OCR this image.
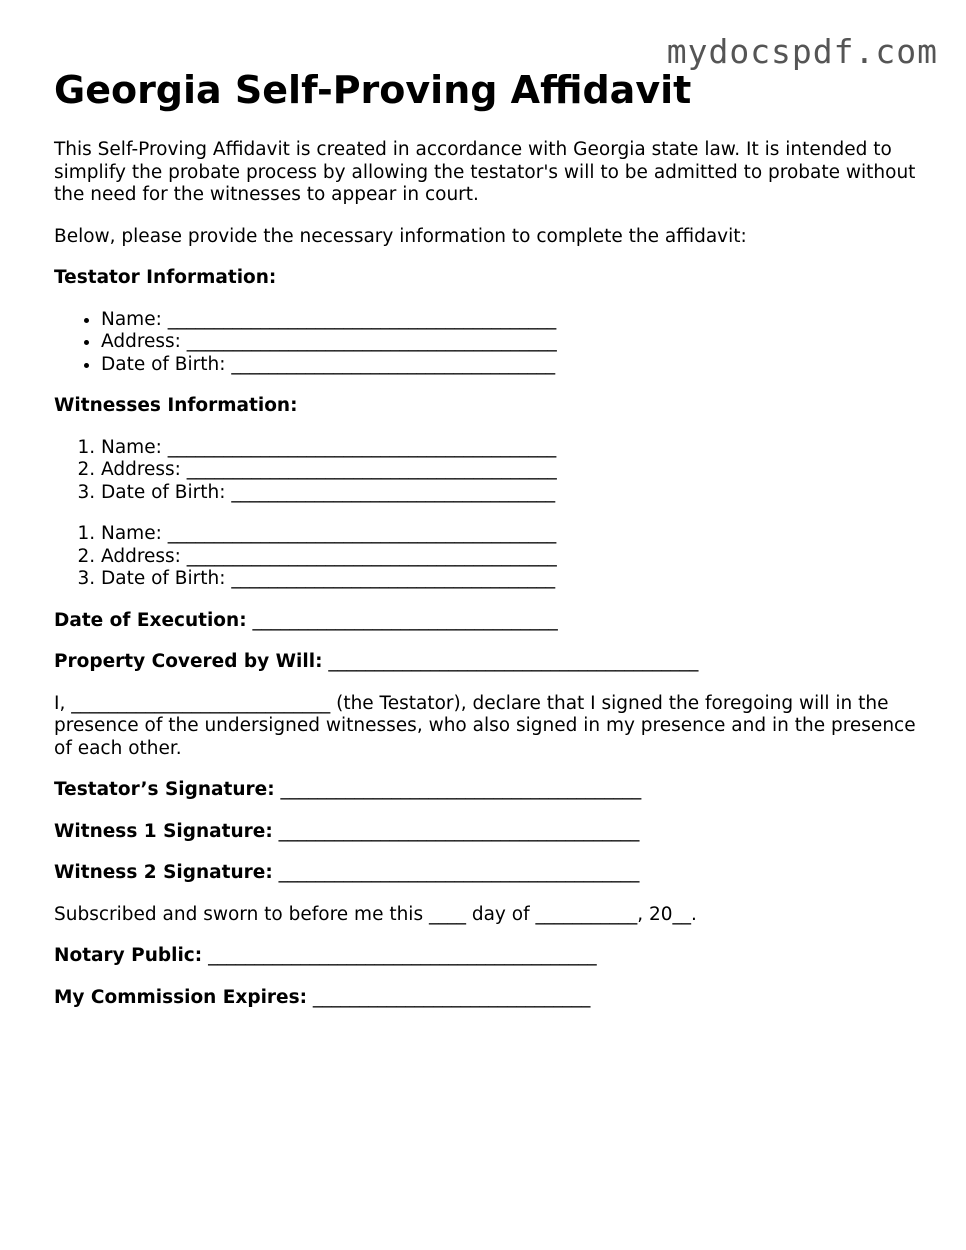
mydocspdf.com
Georgia Self-Proving Affidavit

This Self-Proving Affidavit is created in accordance with Georgia state law. It is intended to simplify the probate process by allowing the testator's will to be admitted to probate without the need for the witnesses to appear in court.

Below, please provide the necessary information to complete the affidavit:

Testator Information:

• Name: __________________________________________
• Address: ________________________________________
• Date of Birth: ___________________________________

Witnesses Information:

1. Name: __________________________________________
2. Address: ________________________________________
3. Date of Birth: ___________________________________
1. Name: __________________________________________
2. Address: ________________________________________
3. Date of Birth: ___________________________________

Date of Execution: _________________________________

Property Covered by Will: ________________________________________

I, ____________________________ (the Testator), declare that I signed the foregoing will in the presence of the undersigned witnesses, who also signed in my presence and in the presence of each other.

Testator’s Signature: _______________________________________

Witness 1 Signature: _______________________________________

Witness 2 Signature: _______________________________________

Subscribed and sworn to before me this ____ day of ___________, 20__.

Notary Public: __________________________________________

My Commission Expires: ______________________________
